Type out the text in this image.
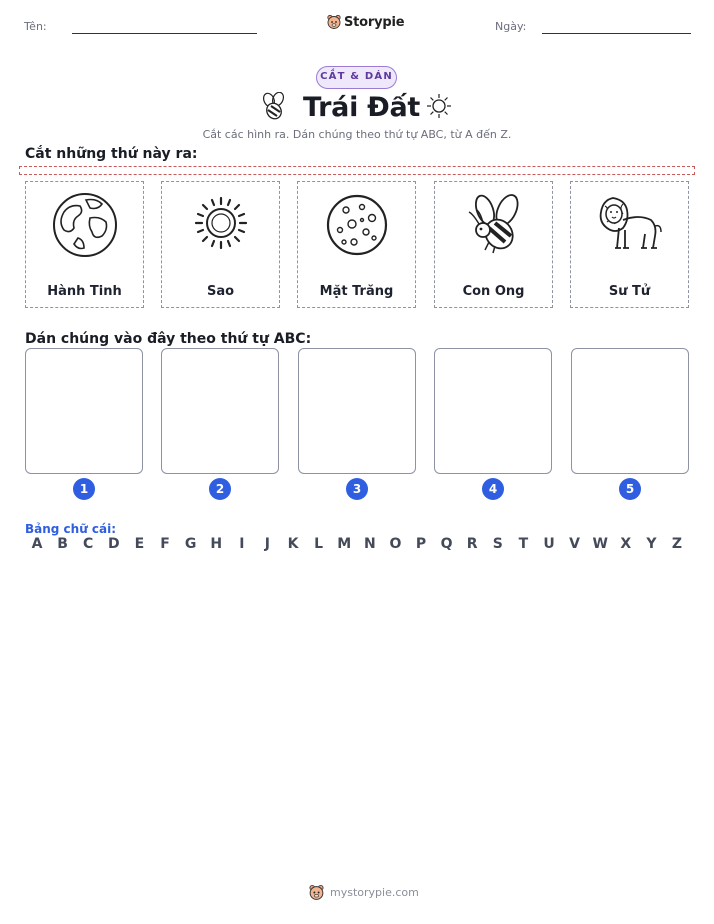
Tên:	Storypie	Ngày:
CẮT & DÁN
Trái Đất
Cắt các hình ra. Dán chúng theo thứ tự ABC, từ A đến Z.
Cắt những thứ này ra:
Hành Tinh	Sao	Mặt Trăng	Con Ong	Sư Tử
Dán chúng vào đây theo thứ tự ABC:
1	2	3	4	5
Bảng chữ cái:
A	B	C	D	E	F	G H	I	J	K	L	M N O	P	Q	R	S	T	U	V W X	Y	Z
mystorypie.com
